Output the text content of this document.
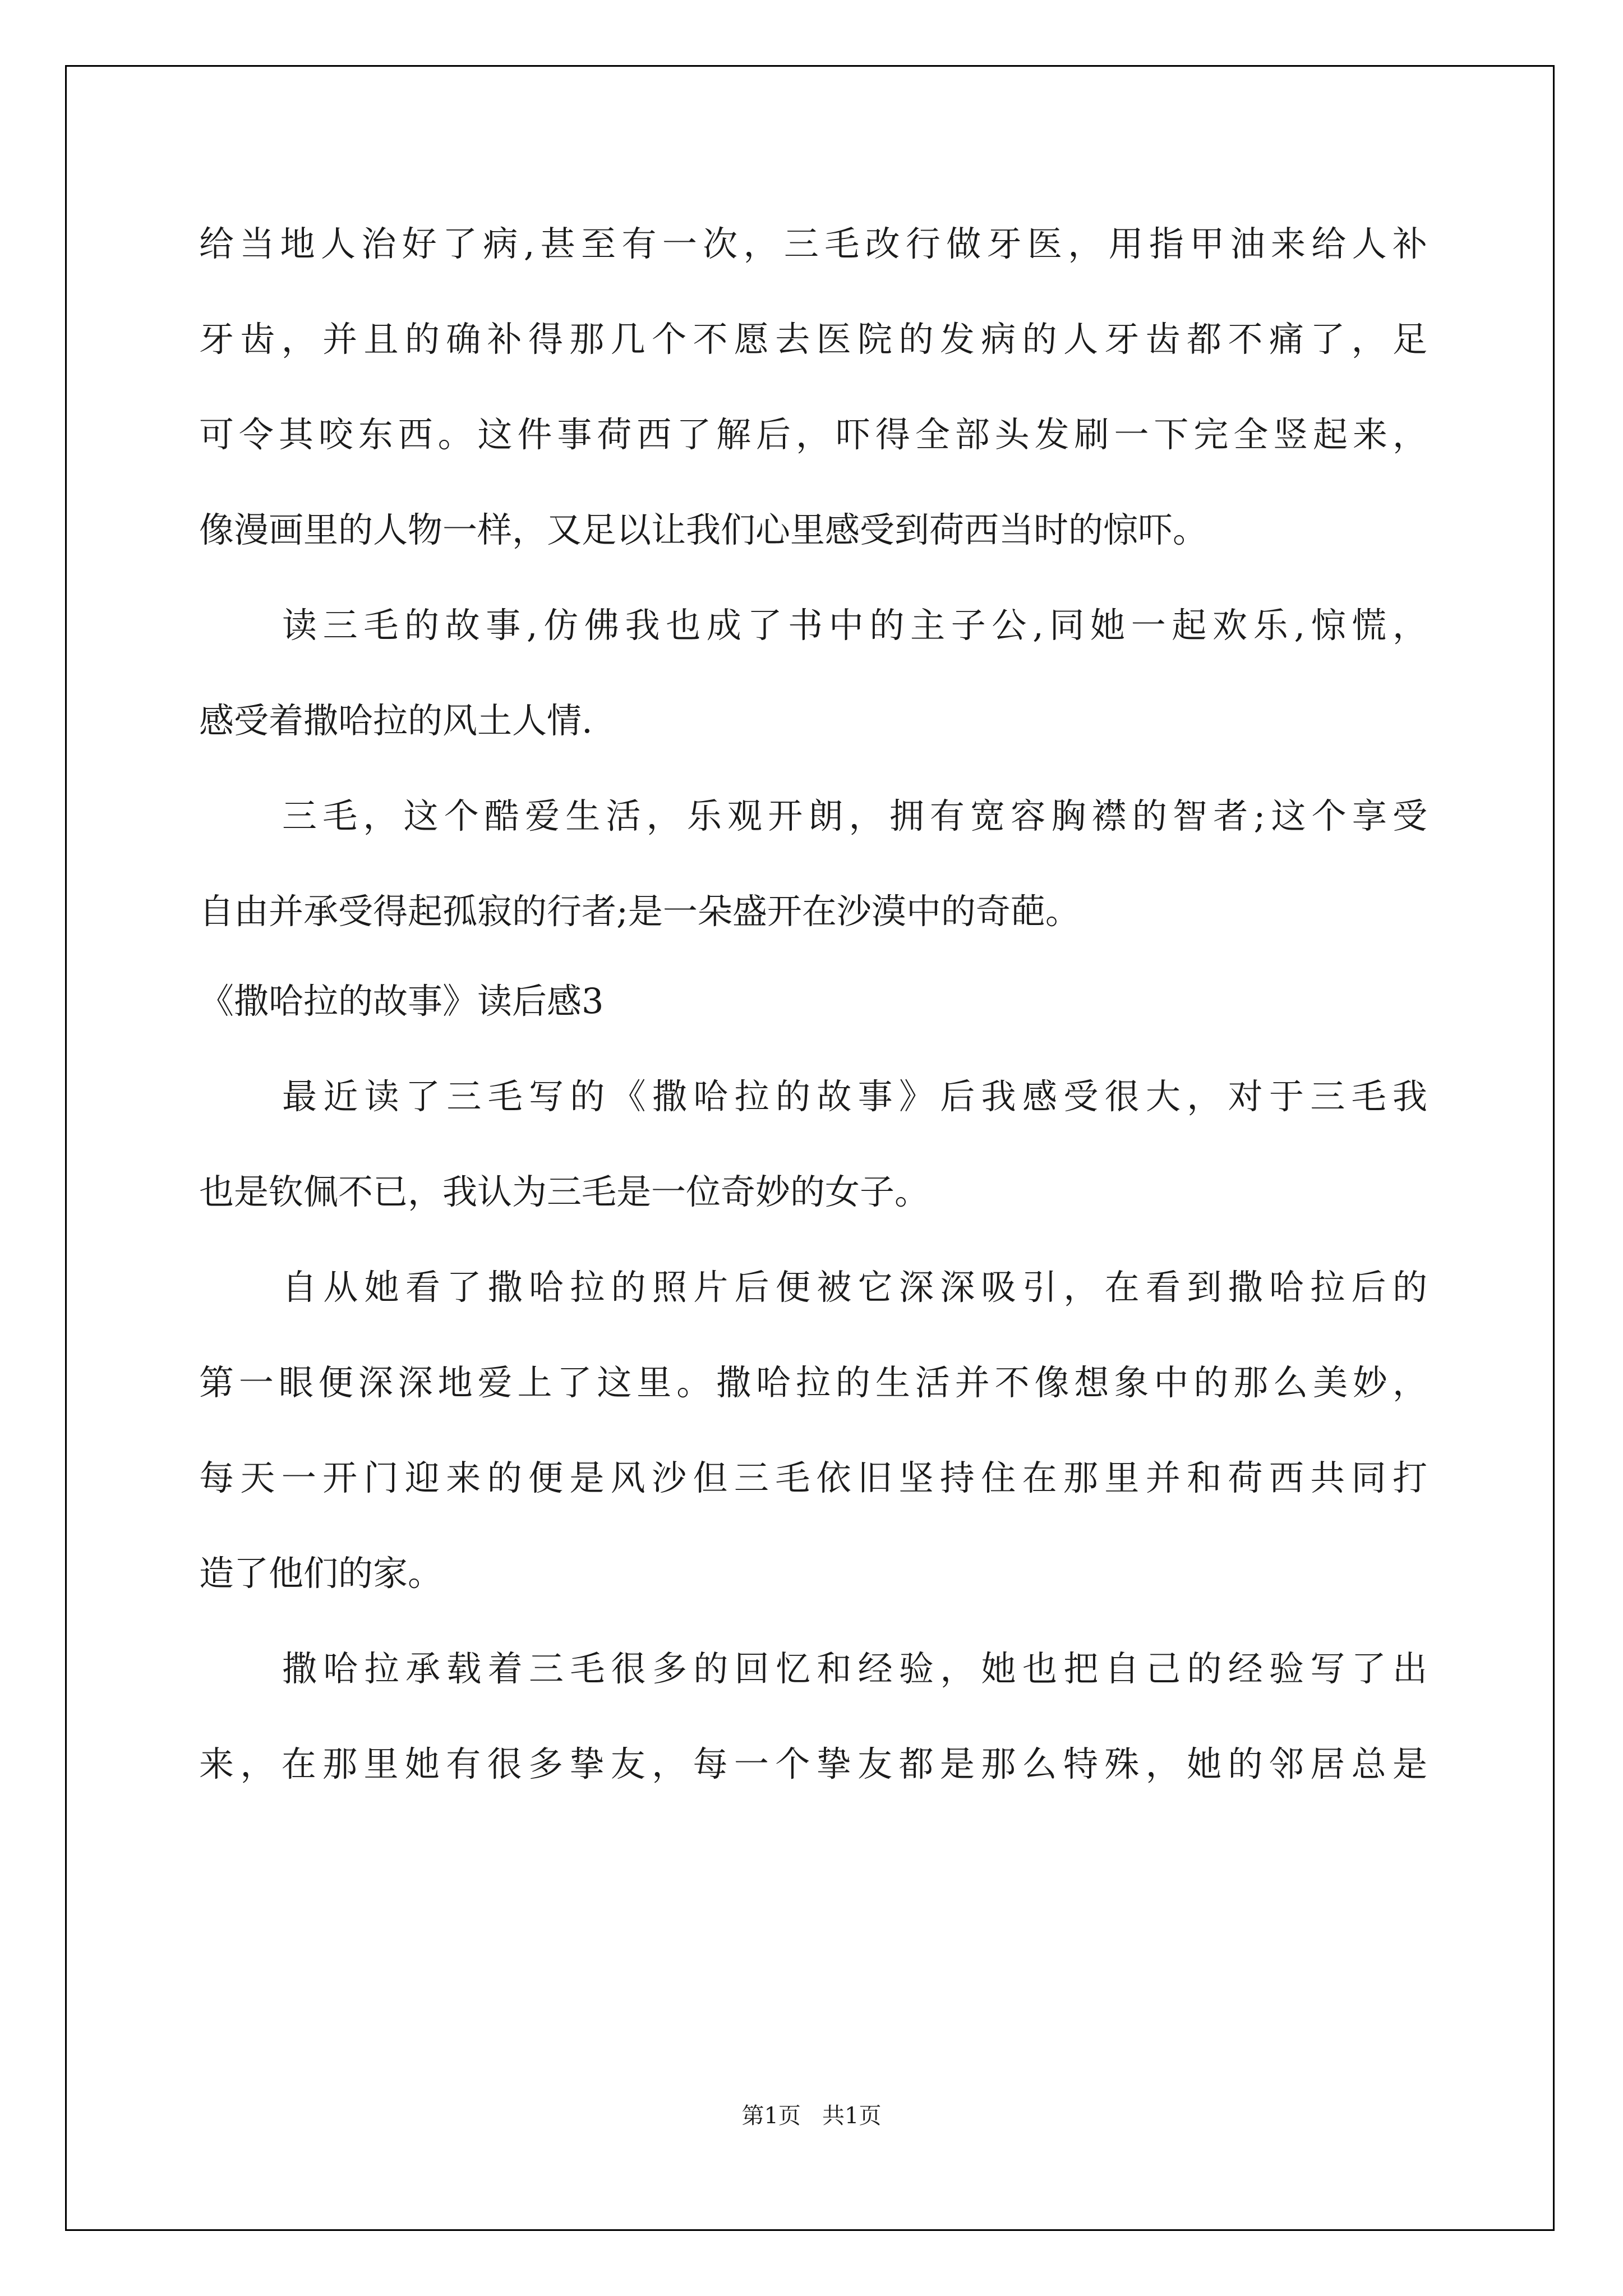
给当地人治好了病,甚至有一次，三毛改行做牙医，用指甲油来给人补
牙齿，并且的确补得那几个不愿去医院的发病的人牙齿都不痛了，足
可令其咬东西。这件事荷西了解后，吓得全部头发刷一下完全竖起来，
像漫画里的人物一样，又足以让我们心里感受到荷西当时的惊吓。
读三毛的故事,仿佛我也成了书中的主子公,同她一起欢乐,惊慌，
感受着撒哈拉的风土人情.
三毛，这个酷爱生活，乐观开朗，拥有宽容胸襟的智者;这个享受
自由并承受得起孤寂的行者;是一朵盛开在沙漠中的奇葩。
《撒哈拉的故事》读后感3
最近读了三毛写的《撒哈拉的故事》后我感受很大，对于三毛我
也是钦佩不已，我认为三毛是一位奇妙的女子。
自从她看了撒哈拉的照片后便被它深深吸引，在看到撒哈拉后的
第一眼便深深地爱上了这里。撒哈拉的生活并不像想象中的那么美妙，
每天一开门迎来的便是风沙但三毛依旧坚持住在那里并和荷西共同打
造了他们的家。
撒哈拉承载着三毛很多的回忆和经验，她也把自己的经验写了出
来，在那里她有很多挚友，每一个挚友都是那么特殊，她的邻居总是
第1页   共1页
